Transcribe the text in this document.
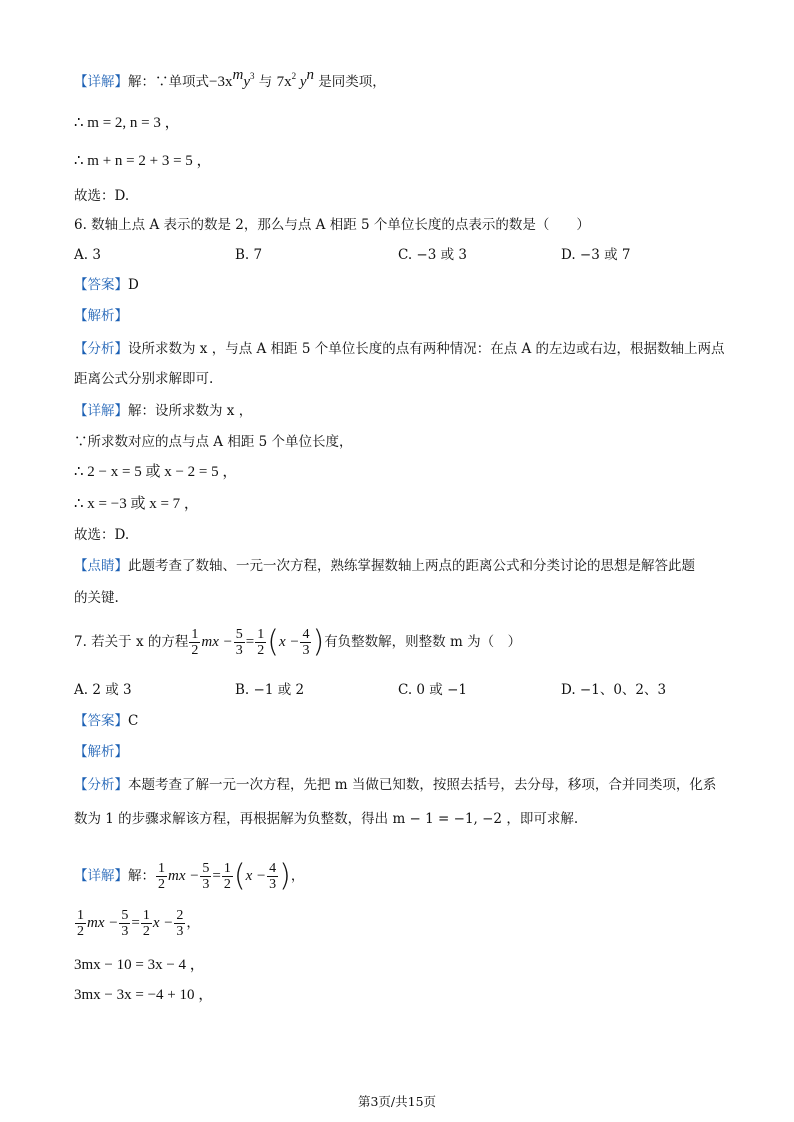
【详解】解：∵单项式$-3x^my^3$ 与 $7x^2$ $y^n$ 是同类项，
∴ m = 2, n = 3 ，
∴ m + n = 2 + 3 = 5 ，
故选：D.
6. 数轴上点 A 表示的数是 2，那么与点 A 相距 5 个单位长度的点表示的数是（　　）
A. 3	B. 7	C. −3 或 3	D. −3 或 7
【答案】D
【解析】
【分析】设所求数为 x ，与点 A 相距 5 个单位长度的点有两种情况：在点 A 的左边或右边，根据数轴上两点
距离公式分别求解即可.
【详解】解：设所求数为 x ，
∵所求数对应的点与点 A 相距 5 个单位长度，
∴ 2 − x = 5 或 x − 2 = 5 ，
∴ x = −3 或 x = 7 ，
故选：D.
【点睛】此题考查了数轴、一元一次方程，熟练掌握数轴上两点的距离公式和分类讨论的思想是解答此题
的关键.
7. 若关于 x 的方程 $\frac{1}{2}$ mx − $\frac{5}{3} = \frac{1}{2} (x - \frac{4}{3}$ )有负整数解，则整数 m 为（　）
A. 2 或 3	B. −1 或 2	C. 0 或 −1	D. −1、0、2、3
【答案】C
【解析】
【分析】本题考查了解一元一次方程，先把 m 当做已知数，按照去括号，去分母，移项，合并同类项，化系
数为 1 的步骤求解该方程，再根据解为负整数，得出 m − 1 = −1, −2 ，即可求解.
【详解】解： $\frac{1}{2}$ mx − $\frac{5}{3} = \frac{1}{2} (x - \frac{4}{3}$ )，
$\frac{1}{2}$ mx − $\frac{5}{3} = \frac{1}{2}$ $x - \frac{2}{3}$ ，
3mx − 10 = 3x − 4 ，
3mx − 3x = −4 + 10 ，
第3页/共15页
